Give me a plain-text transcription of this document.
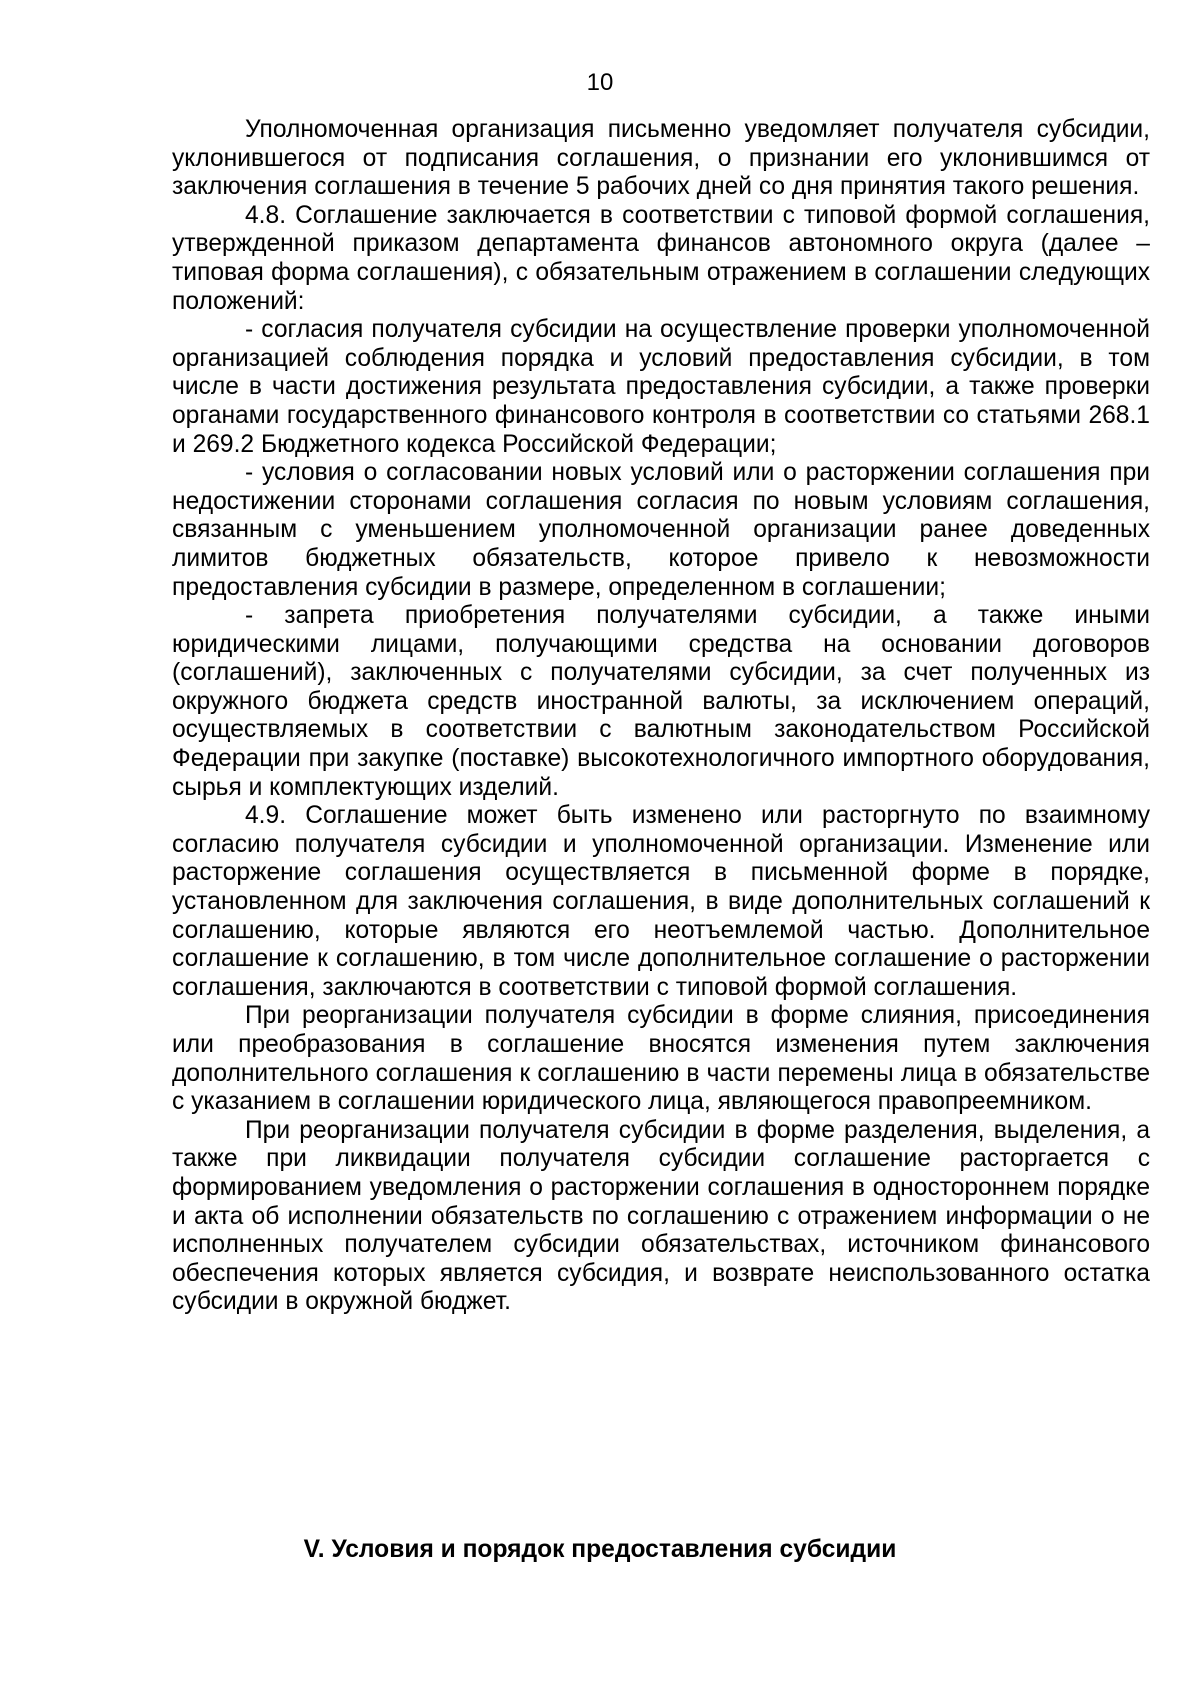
10

Уполномоченная организация письменно уведомляет получателя субсидии, уклонившегося от подписания соглашения, о признании его уклонившимся от заключения соглашения в течение 5 рабочих дней со дня принятия такого решения.

4.8. Соглашение заключается в соответствии с типовой формой соглашения, утвержденной приказом департамента финансов автономного округа (далее – типовая форма соглашения), с обязательным отражением в соглашении следующих положений:

- согласия получателя субсидии на осуществление проверки уполномоченной организацией соблюдения порядка и условий предоставления субсидии, в том числе в части достижения результата предоставления субсидии, а также проверки органами государственного финансового контроля в соответствии со статьями 268.1 и 269.2 Бюджетного кодекса Российской Федерации;

- условия о согласовании новых условий или о расторжении соглашения при недостижении сторонами соглашения согласия по новым условиям соглашения, связанным с уменьшением уполномоченной организации ранее доведенных лимитов бюджетных обязательств, которое привело к невозможности предоставления субсидии в размере, определенном в соглашении;

- запрета приобретения получателями субсидии, а также иными юридическими лицами, получающими средства на основании договоров (соглашений), заключенных с получателями субсидии, за счет полученных из окружного бюджета средств иностранной валюты, за исключением операций, осуществляемых в соответствии с валютным законодательством Российской Федерации при закупке (поставке) высокотехнологичного импортного оборудования, сырья и комплектующих изделий.

4.9. Соглашение может быть изменено или расторгнуто по взаимному согласию получателя субсидии и уполномоченной организации. Изменение или расторжение соглашения осуществляется в письменной форме в порядке, установленном для заключения соглашения, в виде дополнительных соглашений к соглашению, которые являются его неотъемлемой частью. Дополнительное соглашение к соглашению, в том числе дополнительное соглашение о расторжении соглашения, заключаются в соответствии с типовой формой соглашения.

При реорганизации получателя субсидии в форме слияния, присоединения или преобразования в соглашение вносятся изменения путем заключения дополнительного соглашения к соглашению в части перемены лица в обязательстве с указанием в соглашении юридического лица, являющегося правопреемником.

При реорганизации получателя субсидии в форме разделения, выделения, а также при ликвидации получателя субсидии соглашение расторгается с формированием уведомления о расторжении соглашения в одностороннем порядке и акта об исполнении обязательств по соглашению с отражением информации о не исполненных получателем субсидии обязательствах, источником финансового обеспечения которых является субсидия, и возврате неиспользованного остатка субсидии в окружной бюджет.

V. Условия и порядок предоставления субсидии
